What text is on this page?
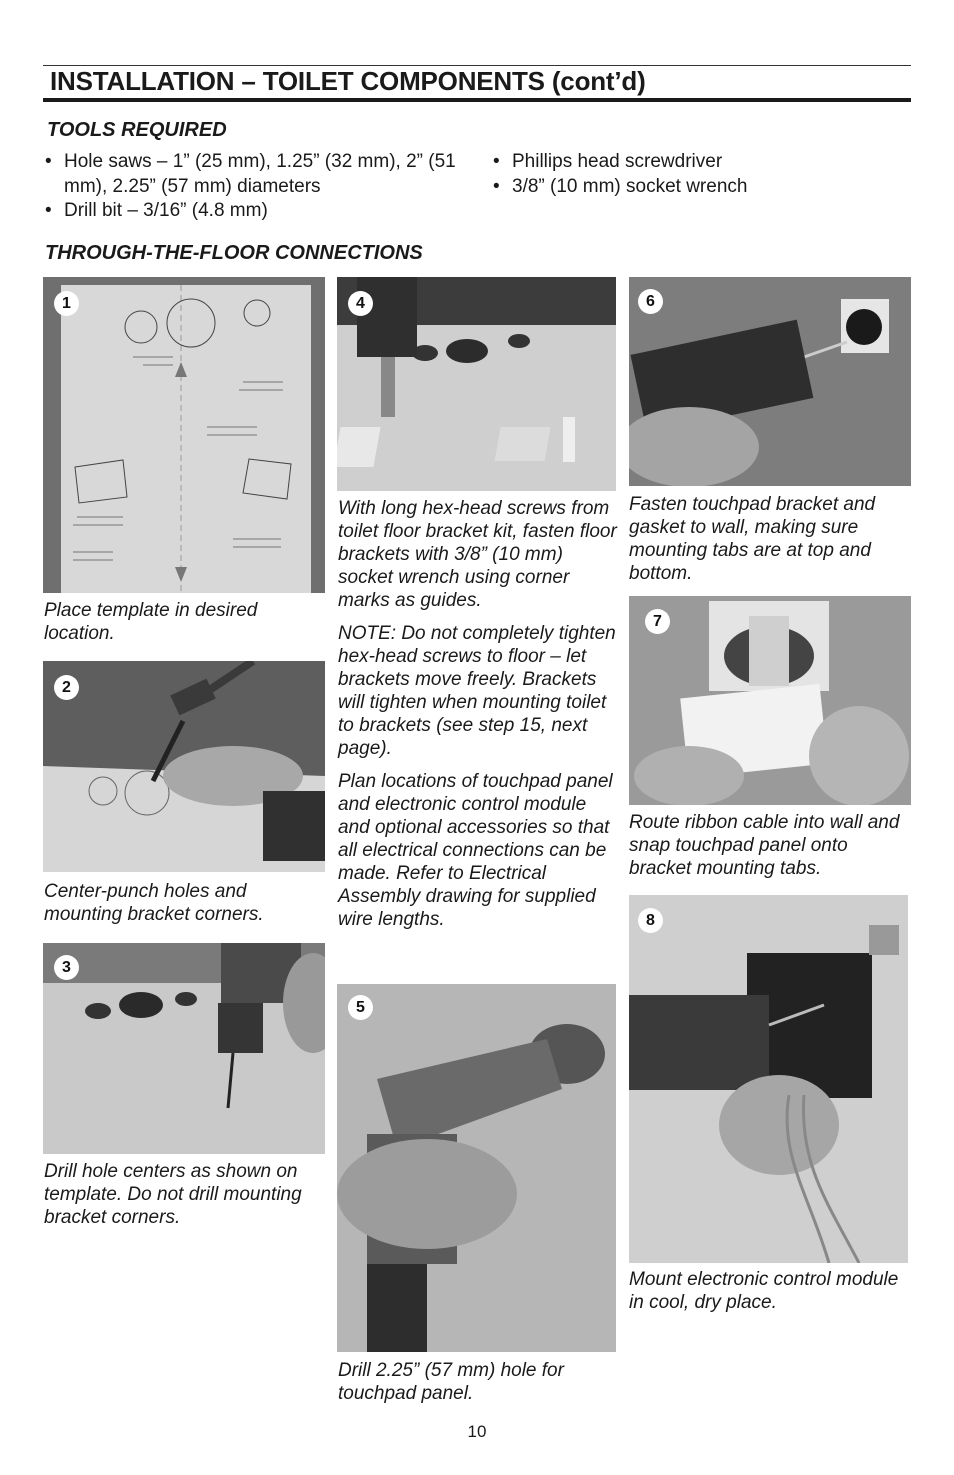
INSTALLATION – TOILET COMPONENTS (cont’d)
TOOLS REQUIRED
• Hole saws – 1” (25 mm), 1.25” (32 mm), 2” (51 mm), 2.25” (57 mm) diameters
• Drill bit – 3/16” (4.8 mm)
• Phillips head screwdriver
• 3/8” (10 mm) socket wrench
THROUGH-THE-FLOOR CONNECTIONS
1
Place template in desired location.
2
Center-punch holes and mounting bracket corners.
3
Drill hole centers as shown on template. Do not drill mounting bracket corners.
4
With long hex-head screws from toilet floor bracket kit, fasten floor brackets with 3/8” (10 mm) socket wrench using corner marks as guides.
NOTE: Do not completely tighten hex-head screws to floor – let brackets move freely. Brackets will tighten when mounting toilet to brackets (see step 15, next page).
Plan locations of touchpad panel and electronic control module and optional accessories so that all electrical connections can be made. Refer to Electrical Assembly drawing for supplied wire lengths.
5
Drill 2.25” (57 mm) hole for touchpad panel.
6
Fasten touchpad bracket and gasket to wall, making sure mounting tabs are at top and bottom.
7
Route ribbon cable into wall and snap touchpad panel onto bracket mounting tabs.
8
Mount electronic control module in cool, dry place.
10
